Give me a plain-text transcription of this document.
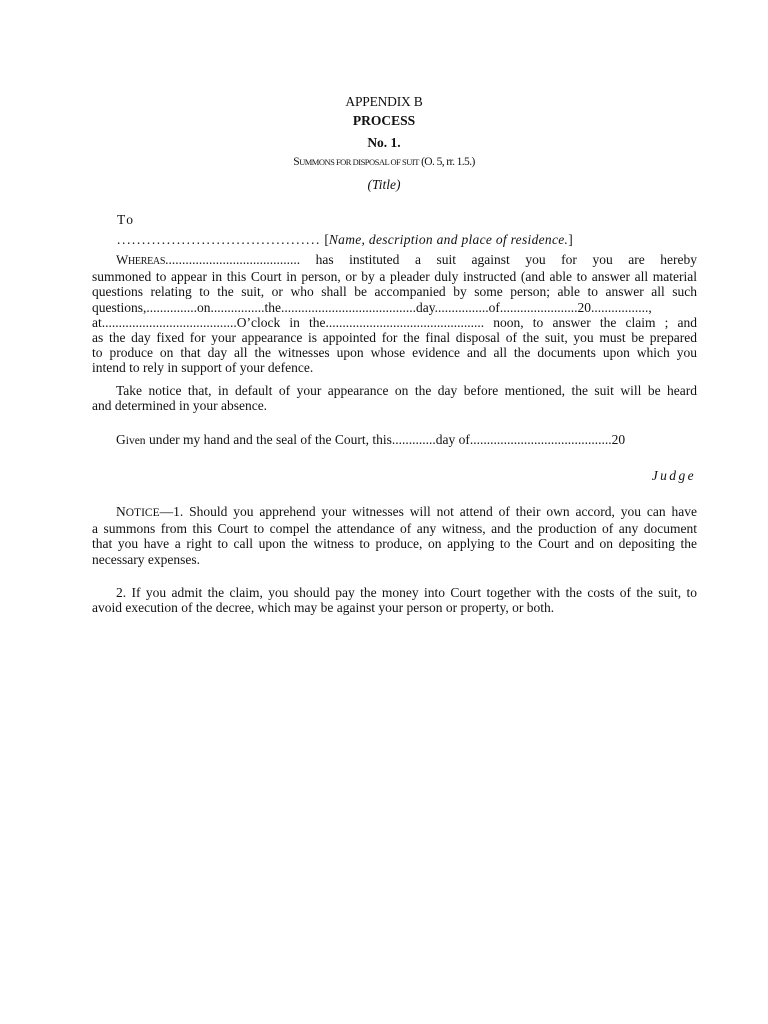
APPENDIX B
PROCESS
No. 1.
SUMMONS FOR DISPOSAL OF SUIT (O. 5, rr. 1.5.)
(Title)
To
......................................... [Name, description and place of residence.]
WHEREAS........................................ has instituted a suit against you for you are hereby
summoned to appear in this Court in person, or by a pleader duly instructed (and able to answer all material
questions relating to the suit, or who shall be accompanied by some person; able to answer all such
questions,...............on................the........................................day................of.......................20.................,
at........................................O’clock in the............................................... noon, to answer the claim ; and
as the day fixed for your appearance is appointed for the final disposal of the suit, you must be prepared
to produce on that day all the witnesses upon whose evidence and all the documents upon which you
intend to rely in support of your defence.
Take notice that, in default of your appearance on the day before mentioned, the suit will be heard
and determined in your absence.
Given under my hand and the seal of the Court, this.............day of..........................................20
Judge
NOTICE—1. Should you apprehend your witnesses will not attend of their own accord, you can have
a summons from this Court to compel the attendance of any witness, and the production of any document
that you have a right to call upon the witness to produce, on applying to the Court and on depositing the
necessary expenses.
2. If you admit the claim, you should pay the money into Court together with the costs of the suit, to
avoid execution of the decree, which may be against your person or property, or both.
